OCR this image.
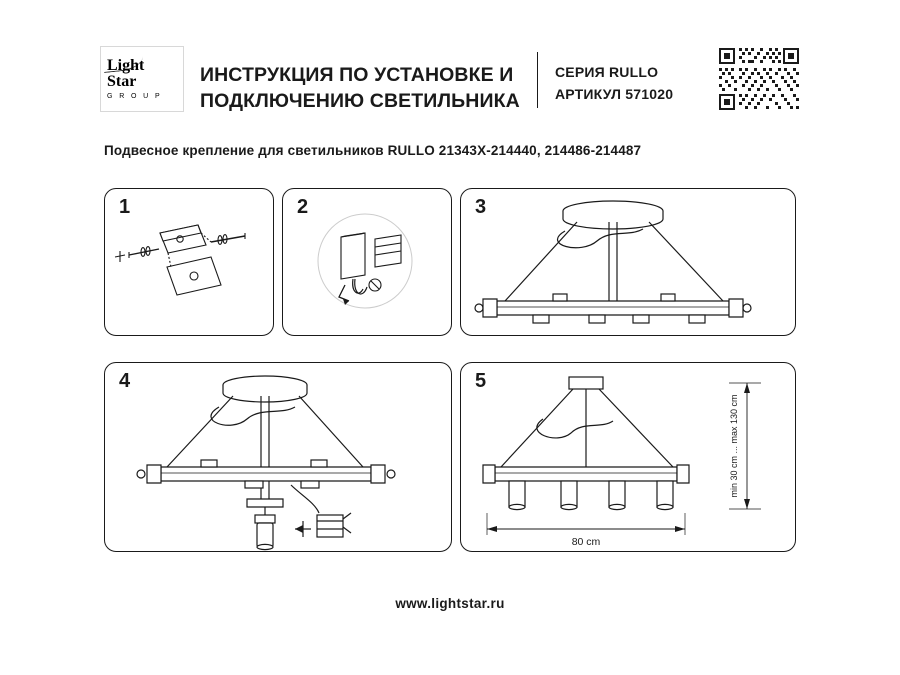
Light
Star
G R O U P
ИНСТРУКЦИЯ ПО УСТАНОВКЕ И
ПОДКЛЮЧЕНИЮ СВЕТИЛЬНИКА
СЕРИЯ RULLO
АРТИКУЛ 571020
Подвесное крепление для светильников RULLO 21343X-214440, 214486-214487
1	2	3
4	5
80 cm
min 30 cm ... max 130 cm
www.lightstar.ru
